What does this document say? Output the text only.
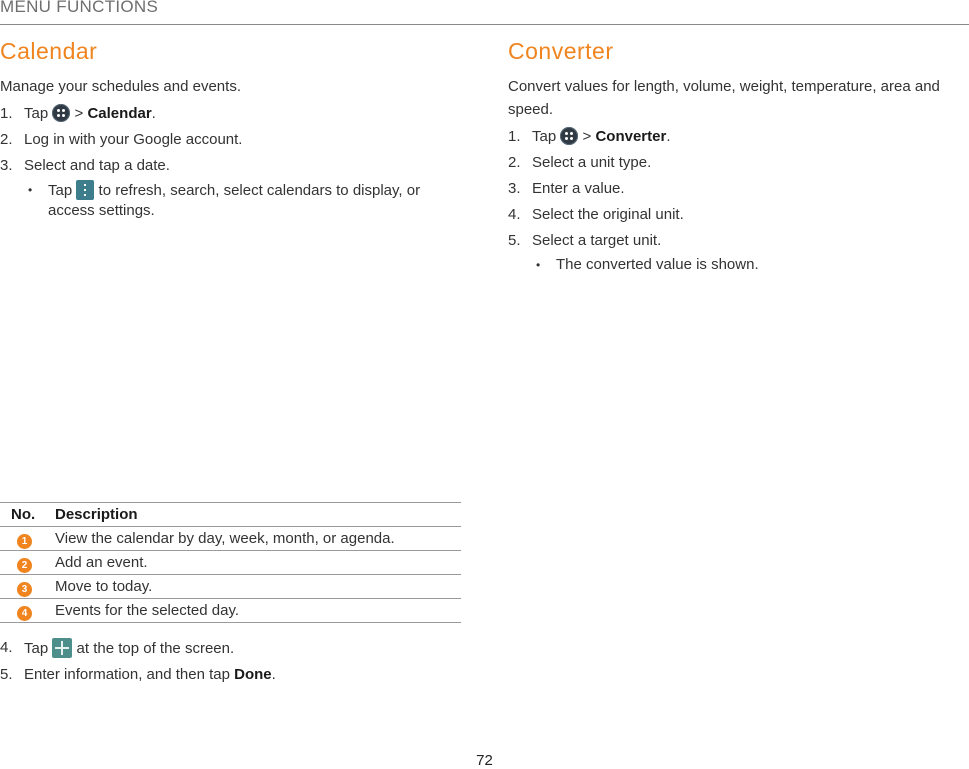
MENU FUNCTIONS
Calendar

Manage your schedules and events.

1. Tap > Calendar.
2. Log in with your Google account.
3. Select and tap a date.
• Tap to refresh, search, select calendars to display, or access settings.
No.	Description
1	View the calendar by day, week, month, or agenda.
2	Add an event.
3	Move to today.
4	Events for the selected day.
4. Tap at the top of the screen.
5. Enter information, and then tap Done.
Converter

Convert values for length, volume, weight, temperature, area and speed.

1. Tap > Converter.
2. Select a unit type.
3. Enter a value.
4. Select the original unit.
5. Select a target unit.
• The converted value is shown.
72
